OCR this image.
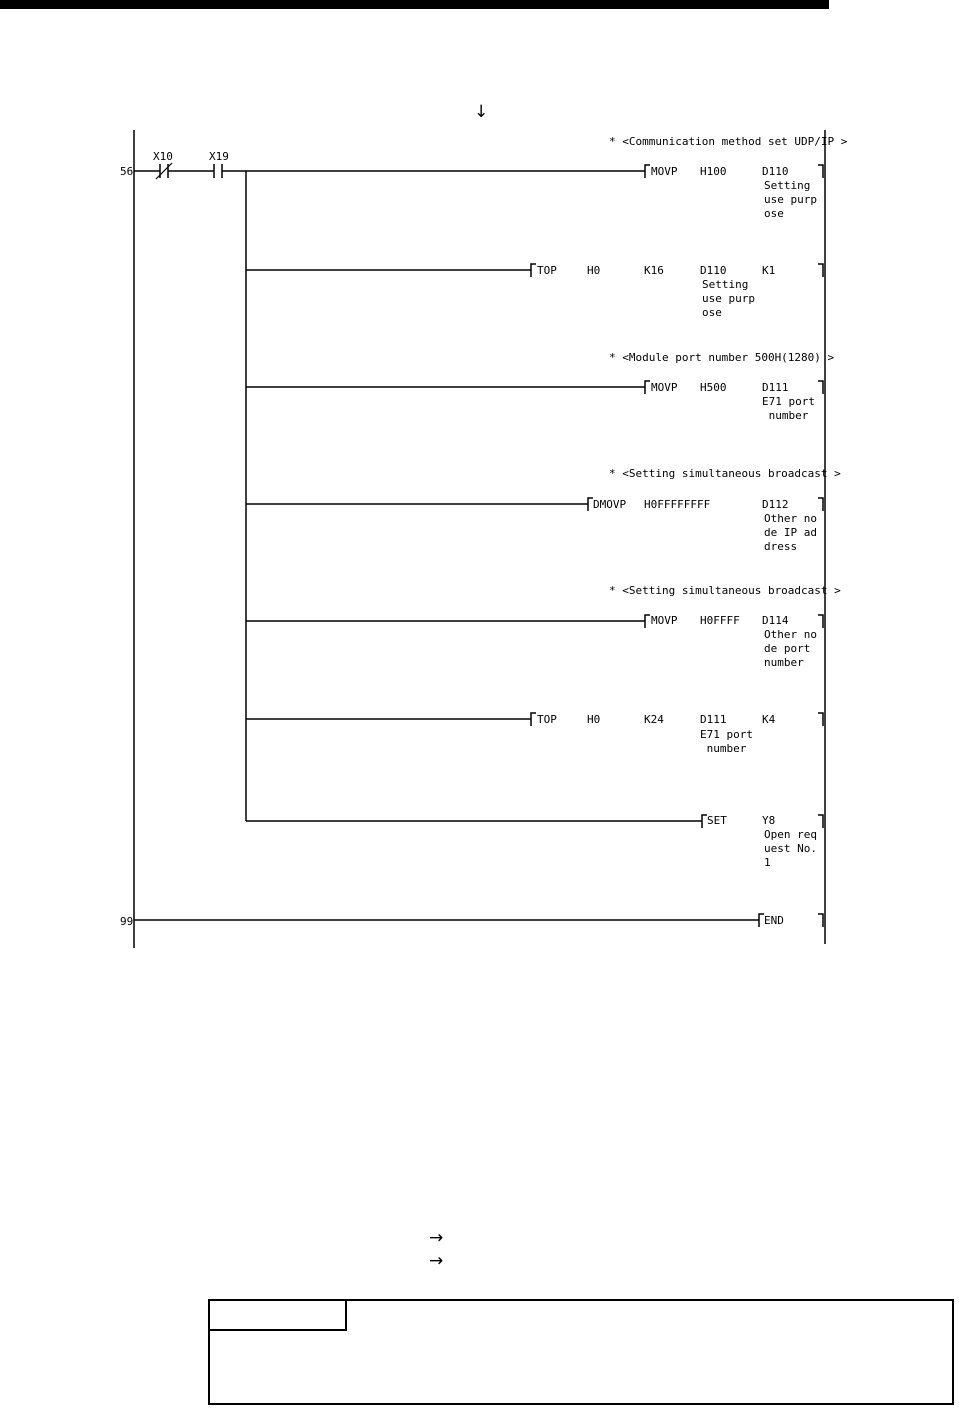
↓
→
→
56
99
X10	X19
* <Communication method set UDP/IP >
MOVP H100	D110
Setting
use purp
ose
TOP	H0	K16	D110	K1
Setting
use purp
ose
* <Module port number 500H(1280) >
MOVP H500	D111
E71 port
number
* <Setting simultaneous broadcast >
DMOVP H0FFFFFFFF	D112
Other no
de IP ad
dress
* <Setting simultaneous broadcast >
MOVP H0FFFF D114
Other no
de port
number
TOP	H0	K24	D111	K4
E71 port
number
SET	Y8
Open req
uest No.
1
END
